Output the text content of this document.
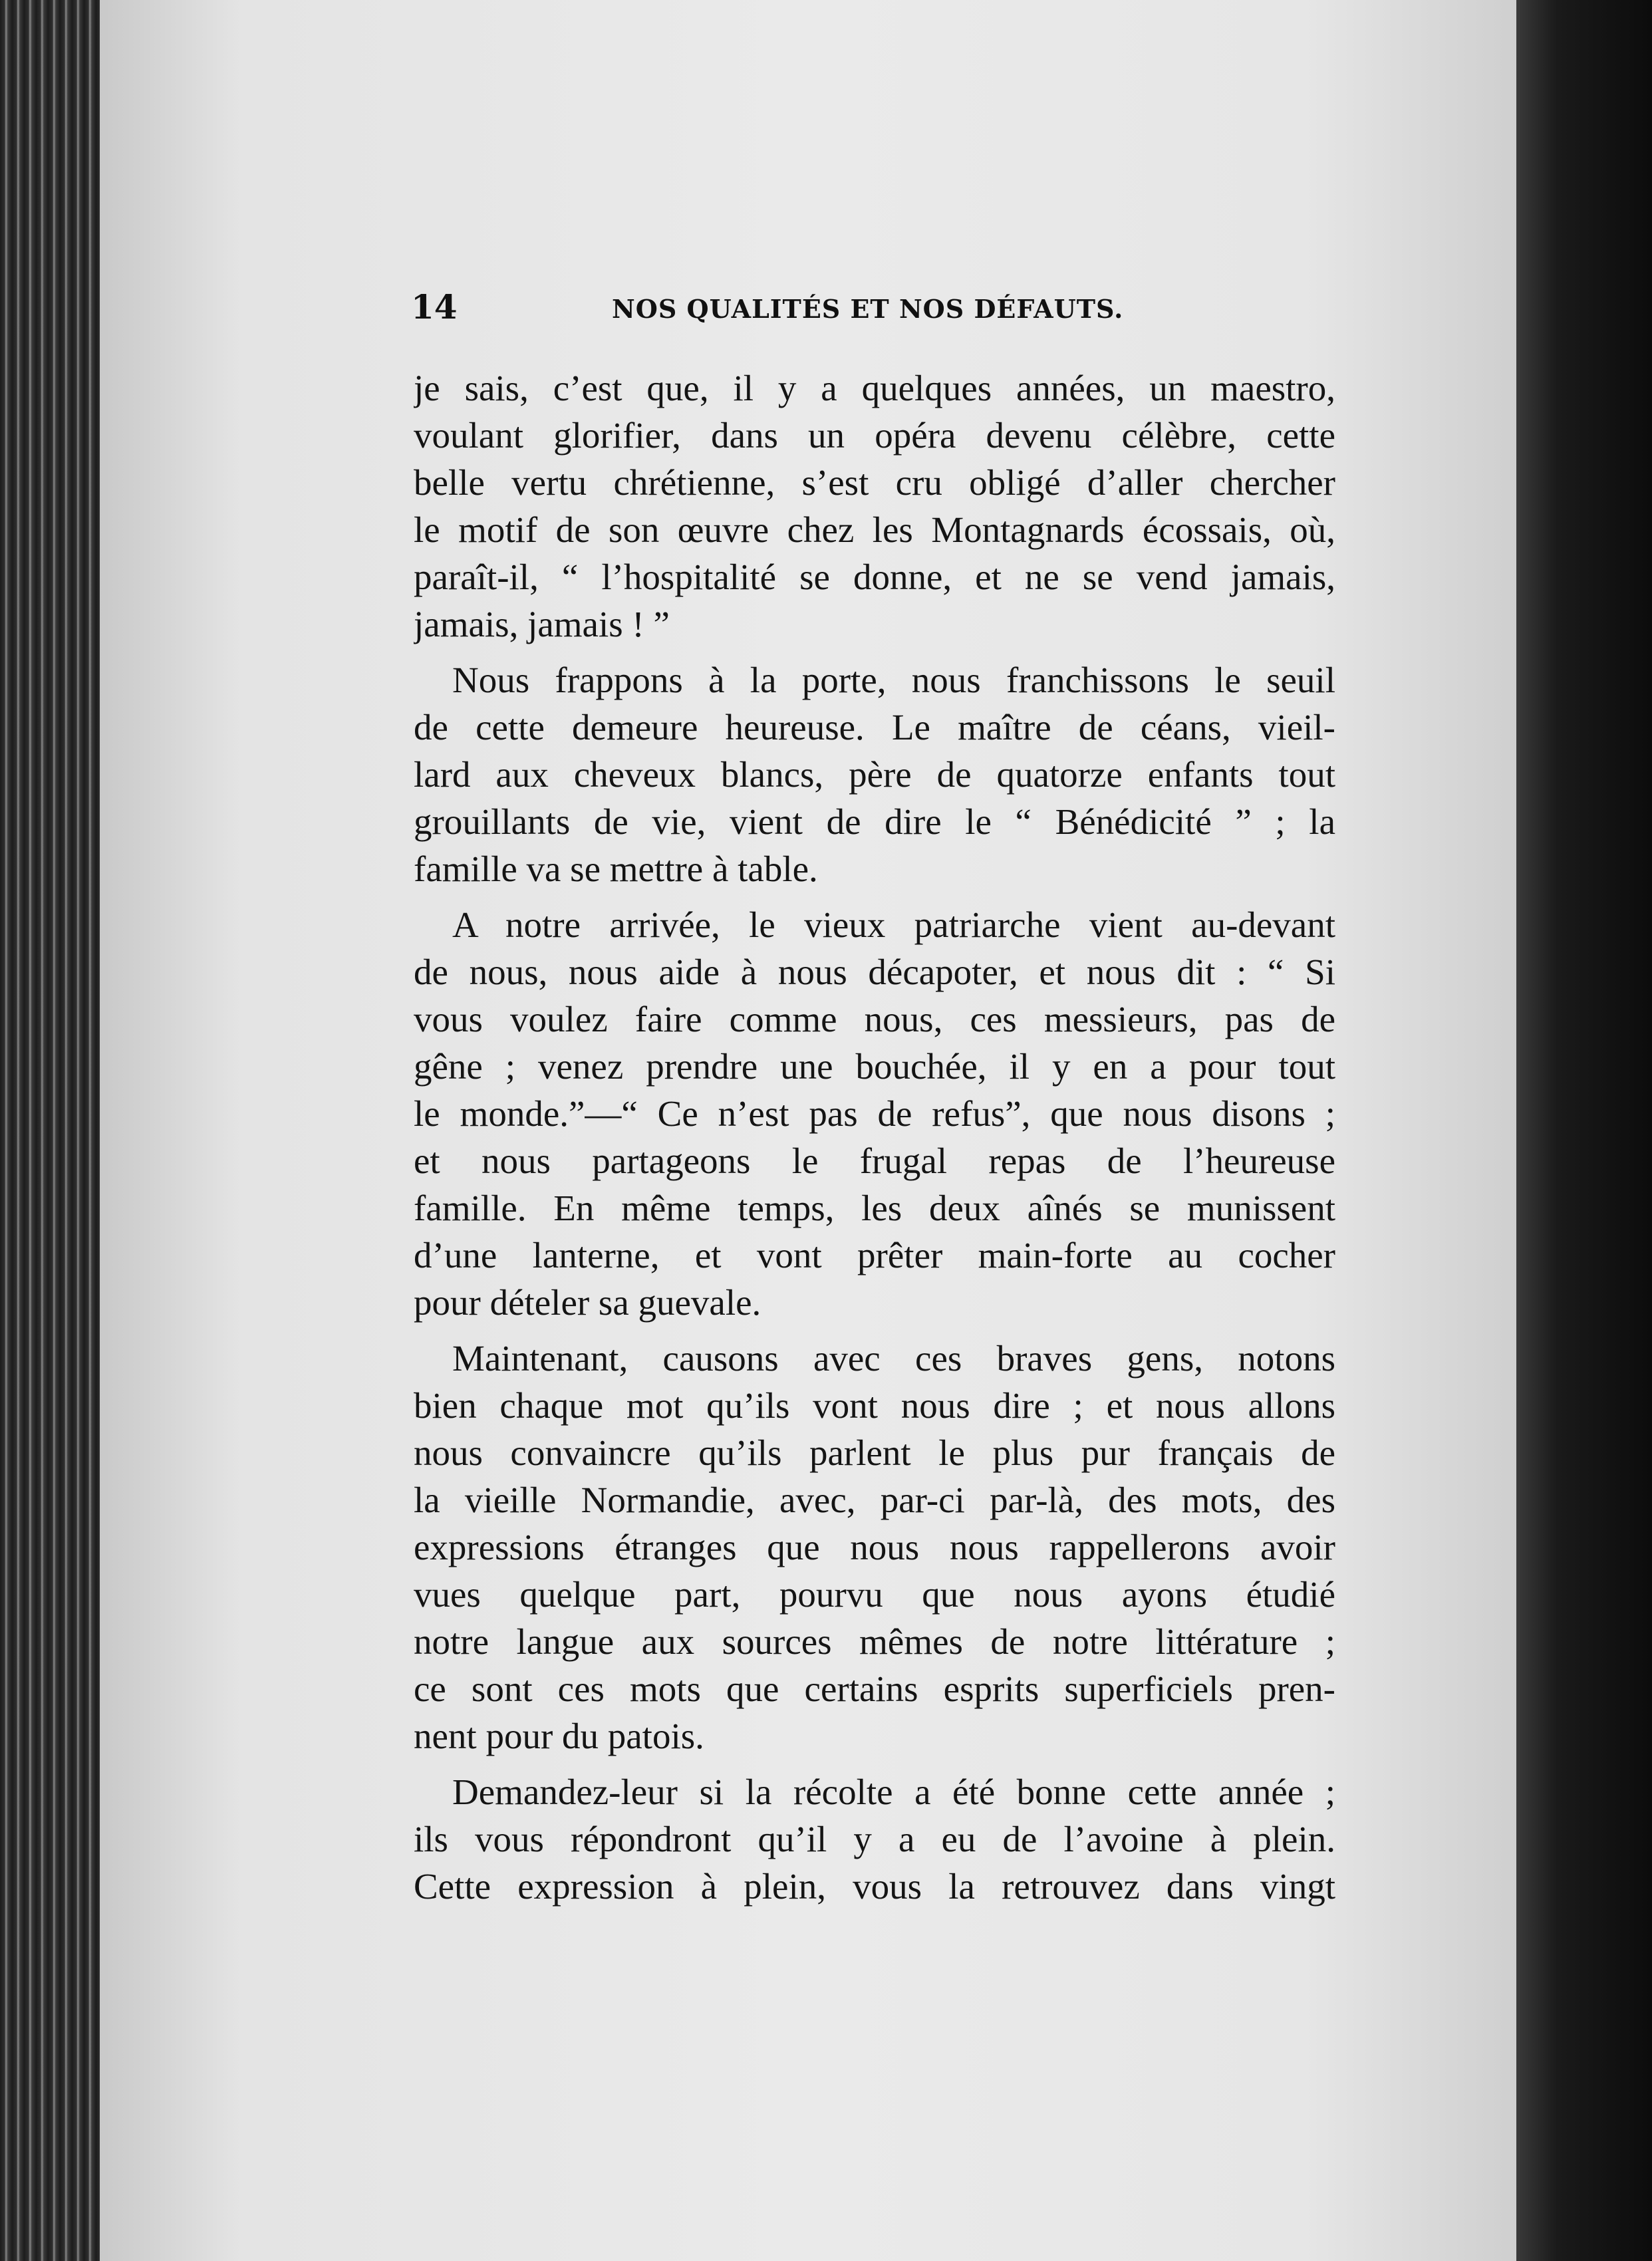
14	NOS QUALITÉS ET NOS DÉFAUTS.
je sais, c’est que, il y a quelques années, un maestro,
voulant glorifier, dans un opéra devenu célèbre, cette
belle vertu chrétienne, s’est cru obligé d’aller chercher
le motif de son œuvre chez les Montagnards écossais, où,
paraît-il, “ l’hospitalité se donne, et ne se vend jamais,
jamais, jamais ! ”
Nous frappons à la porte, nous franchissons le seuil
de cette demeure heureuse. Le maître de céans, vieil-
lard aux cheveux blancs, père de quatorze enfants tout
grouillants de vie, vient de dire le “ Bénédicité ” ; la
famille va se mettre à table.
A notre arrivée, le vieux patriarche vient au-devant
de nous, nous aide à nous décapoter, et nous dit : “ Si
vous voulez faire comme nous, ces messieurs, pas de
gêne ; venez prendre une bouchée, il y en a pour tout
le monde.”—“ Ce n’est pas de refus”, que nous disons ;
et nous partageons le frugal repas de l’heureuse
famille. En même temps, les deux aînés se munissent
d’une lanterne, et vont prêter main-forte au cocher
pour dételer sa guevale.
Maintenant, causons avec ces braves gens, notons
bien chaque mot qu’ils vont nous dire ; et nous allons
nous convaincre qu’ils parlent le plus pur français de
la vieille Normandie, avec, par-ci par-là, des mots, des
expressions étranges que nous nous rappellerons avoir
vues quelque part, pourvu que nous ayons étudié
notre langue aux sources mêmes de notre littérature ;
ce sont ces mots que certains esprits superficiels pren-
nent pour du patois.
Demandez-leur si la récolte a été bonne cette année ;
ils vous répondront qu’il y a eu de l’avoine à plein.
Cette expression à plein, vous la retrouvez dans vingt
